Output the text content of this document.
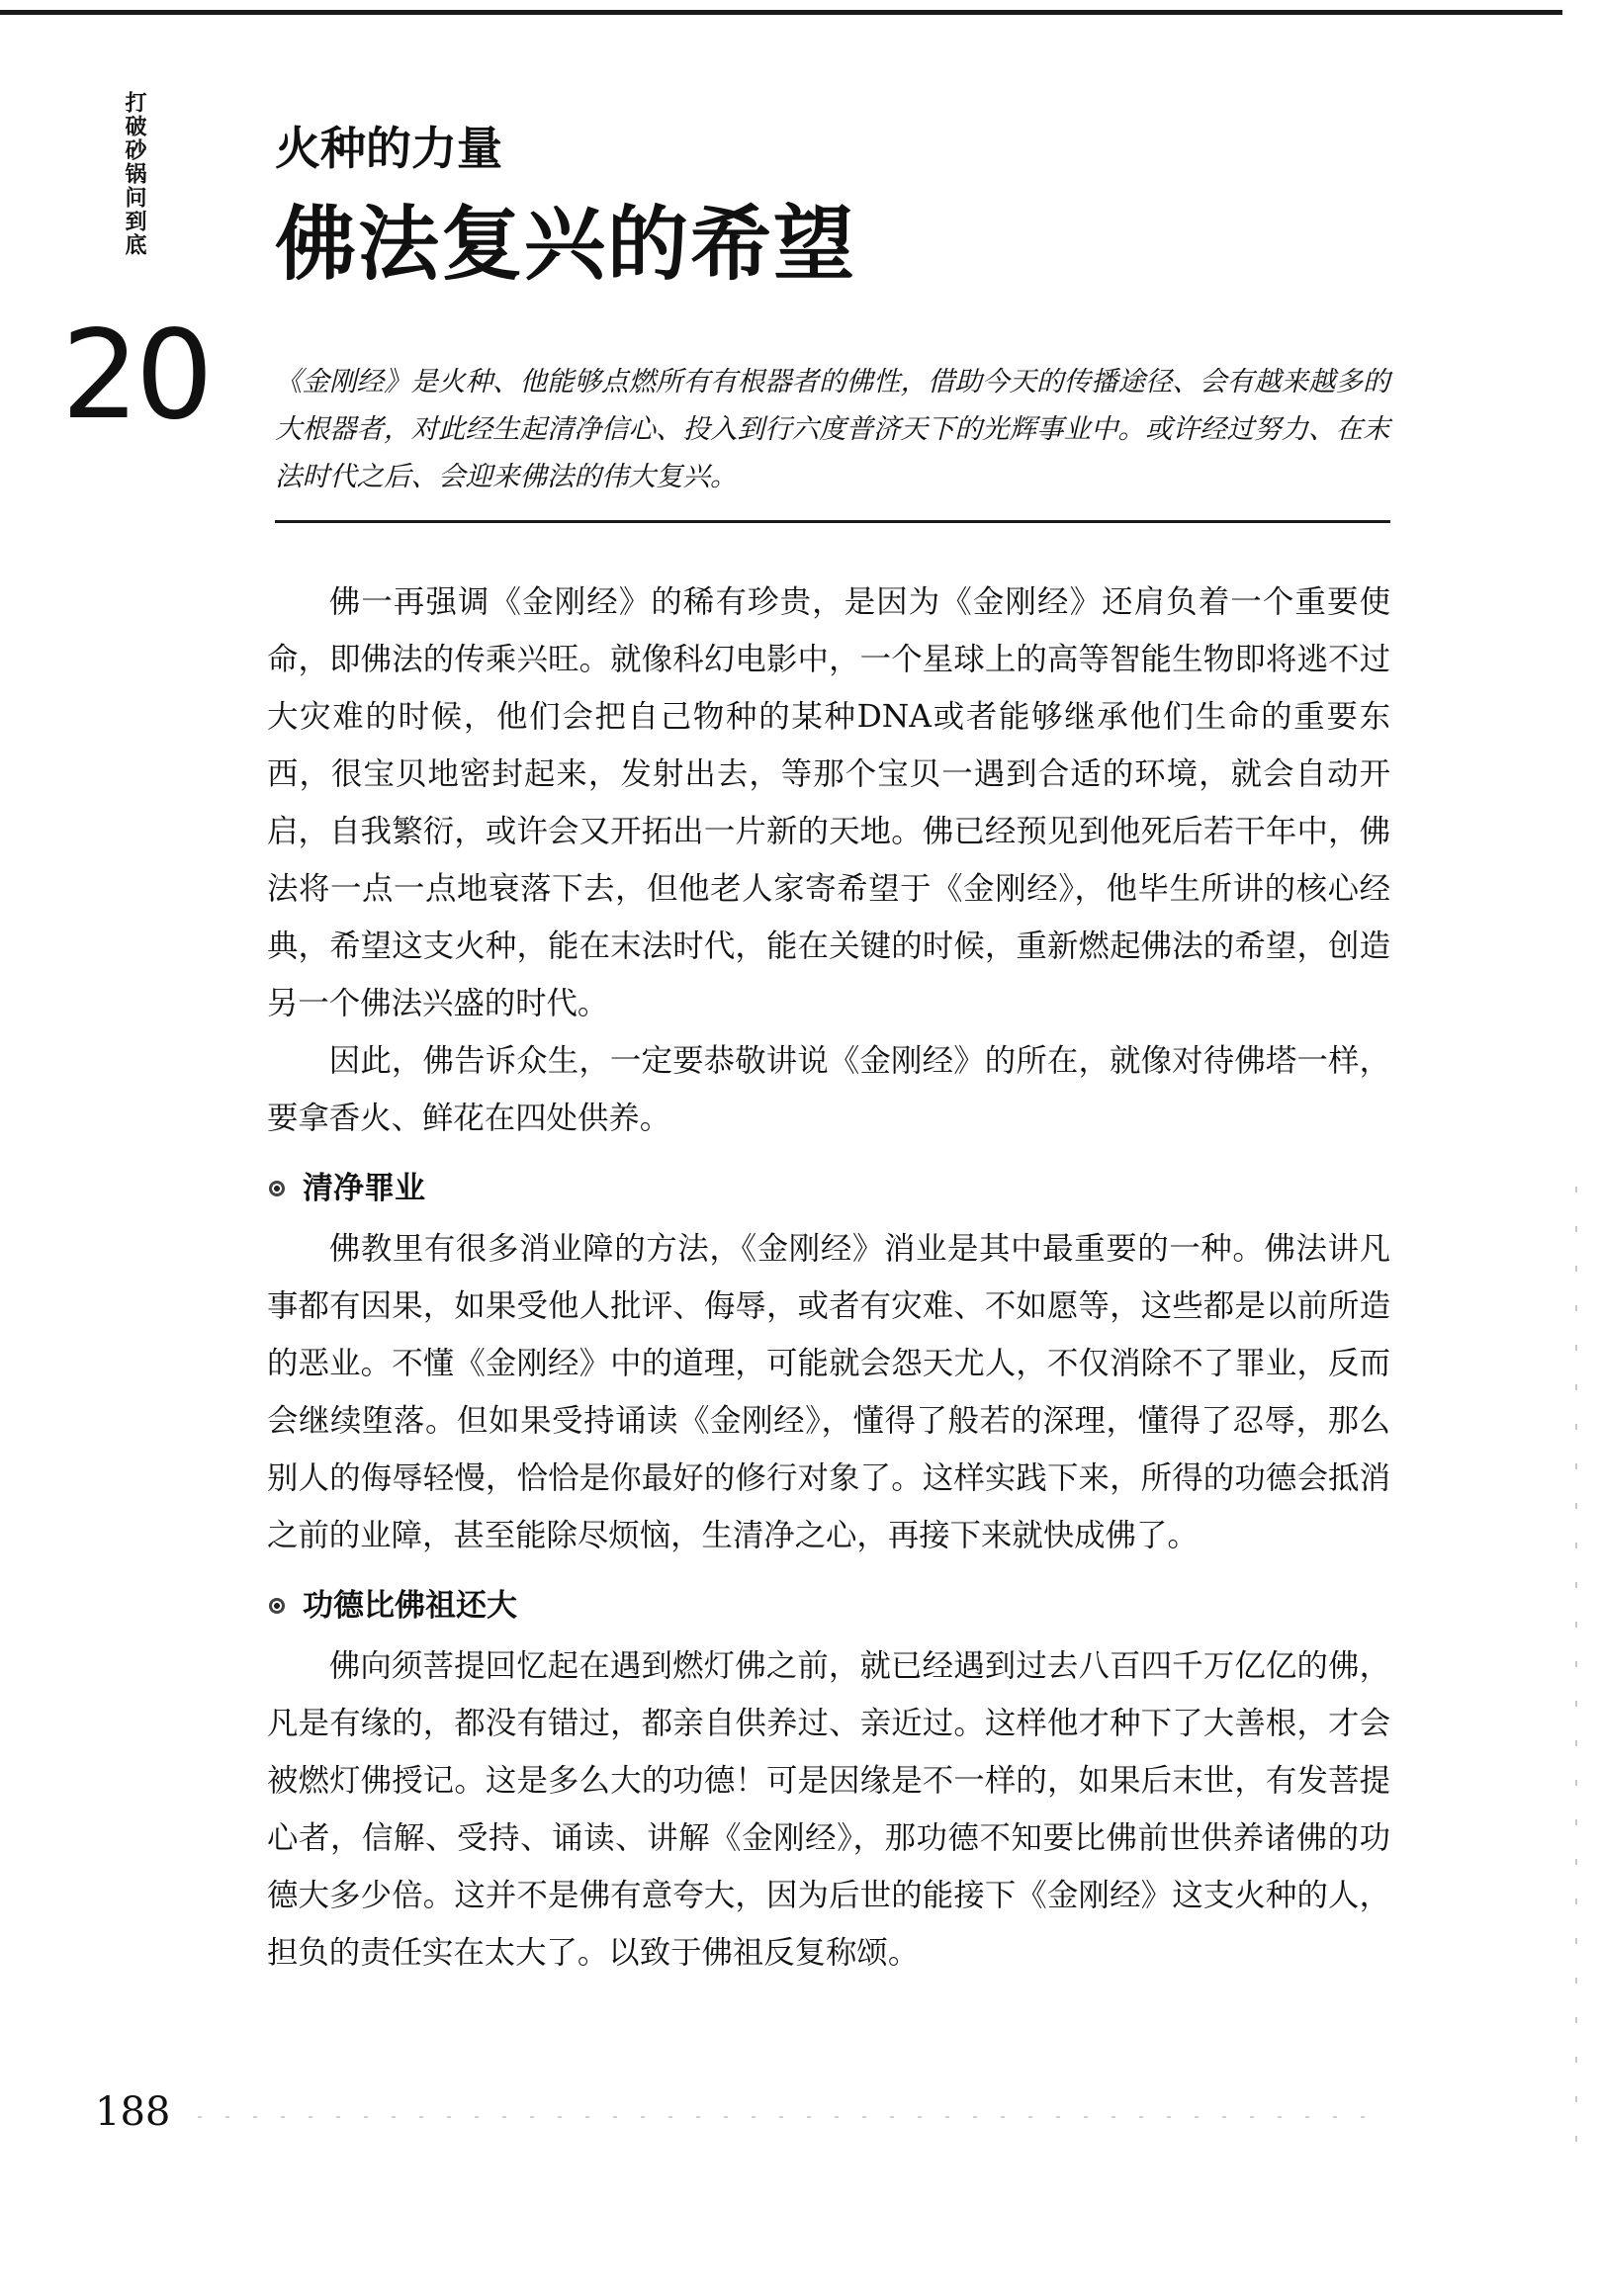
打破砂锅问到底
20
火种的力量
佛法复兴的希望
《金刚经》是火种、他能够点燃所有有根器者的佛性，借助今天的传播途径、会有越来越多的大根器者，对此经生起清净信心、投入到行六度普济天下的光辉事业中。或许经过努力、在末法时代之后、会迎来佛法的伟大复兴。

佛一再强调《金刚经》的稀有珍贵，是因为《金刚经》还肩负着一个重要使命，即佛法的传乘兴旺。就像科幻电影中，一个星球上的高等智能生物即将逃不过大灾难的时候，他们会把自己物种的某种DNA或者能够继承他们生命的重要东西，很宝贝地密封起来，发射出去，等那个宝贝一遇到合适的环境，就会自动开启，自我繁衍，或许会又开拓出一片新的天地。佛已经预见到他死后若干年中，佛法将一点一点地衰落下去，但他老人家寄希望于《金刚经》，他毕生所讲的核心经典，希望这支火种，能在末法时代，能在关键的时候，重新燃起佛法的希望，创造另一个佛法兴盛的时代。

因此，佛告诉众生，一定要恭敬讲说《金刚经》的所在，就像对待佛塔一样，要拿香火、鲜花在四处供养。

清净罪业

佛教里有很多消业障的方法，《金刚经》消业是其中最重要的一种。佛法讲凡事都有因果，如果受他人批评、侮辱，或者有灾难、不如愿等，这些都是以前所造的恶业。不懂《金刚经》中的道理，可能就会怨天尤人，不仅消除不了罪业，反而会继续堕落。但如果受持诵读《金刚经》，懂得了般若的深理，懂得了忍辱，那么别人的侮辱轻慢，恰恰是你最好的修行对象了。这样实践下来，所得的功德会抵消之前的业障，甚至能除尽烦恼，生清净之心，再接下来就快成佛了。

功德比佛祖还大

佛向须菩提回忆起在遇到燃灯佛之前，就已经遇到过去八百四千万亿亿的佛，凡是有缘的，都没有错过，都亲自供养过、亲近过。这样他才种下了大善根，才会被燃灯佛授记。这是多么大的功德！可是因缘是不一样的，如果后末世，有发菩提心者，信解、受持、诵读、讲解《金刚经》，那功德不知要比佛前世供养诸佛的功德大多少倍。这并不是佛有意夸大，因为后世的能接下《金刚经》这支火种的人，担负的责任实在太大了。以致于佛祖反复称颂。

188
